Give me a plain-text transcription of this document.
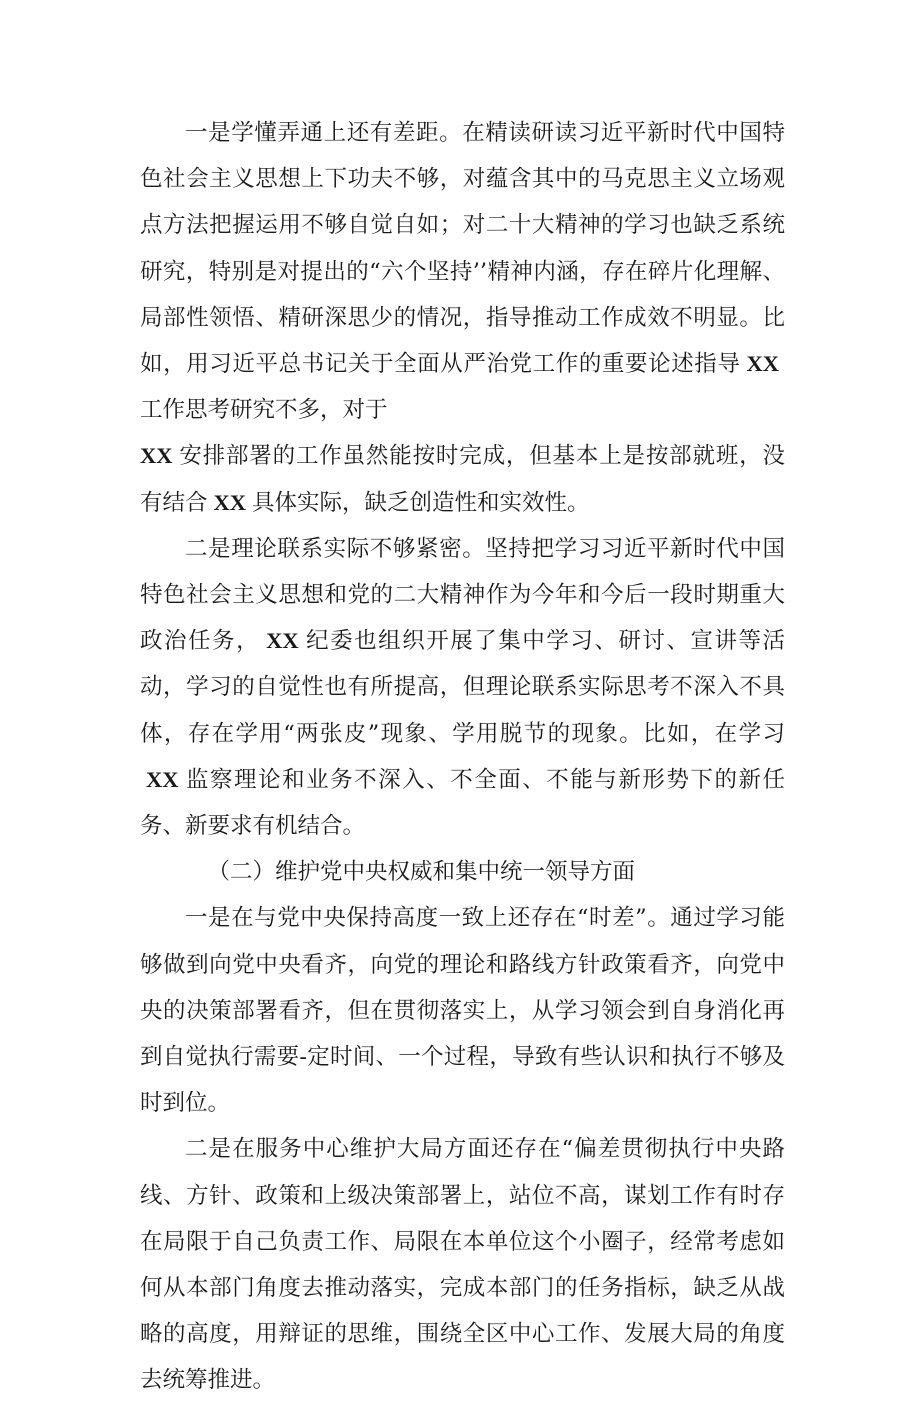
一是学懂弄通上还有差距。在精读研读习近平新时代中国特色社会主义思想上下功夫不够，对蕴含其中的马克思主义立场观点方法把握运用不够自觉自如；对二十大精神的学习也缺乏系统研究，特别是对提出的“六个坚持’’精神内涵，存在碎片化理解、局部性领悟、精研深思少的情况，指导推动工作成效不明显。比如，用习近平总书记关于全面从严治党工作的重要论述指导 XX工作思考研究不多，对于
XX 安排部署的工作虽然能按时完成，但基本上是按部就班，没有结合 XX 具体实际，缺乏创造性和实效性。

二是理论联系实际不够紧密。坚持把学习习近平新时代中国特色社会主义思想和党的二大精神作为今年和今后一段时期重大政治任务， XX 纪委也组织开展了集中学习、研讨、宣讲等活动，学习的自觉性也有所提高，但理论联系实际思考不深入不具体，存在学用“两张皮”现象、学用脱节的现象。比如，在学习XX 监察理论和业务不深入、不全面、不能与新形势下的新任务、新要求有机结合。

（二）维护党中央权威和集中统一领导方面

一是在与党中央保持高度一致上还存在“时差”。通过学习能够做到向党中央看齐，向党的理论和路线方针政策看齐，向党中央的决策部署看齐，但在贯彻落实上，从学习领会到自身消化再到自觉执行需要-定时间、一个过程，导致有些认识和执行不够及时到位。

二是在服务中心维护大局方面还存在“偏差贯彻执行中央路线、方针、政策和上级决策部署上，站位不高，谋划工作有时存在局限于自己负责工作、局限在本单位这个小圈子，经常考虑如何从本部门角度去推动落实，完成本部门的任务指标，缺乏从战略的高度，用辩证的思维，围绕全区中心工作、发展大局的角度去统筹推进。
